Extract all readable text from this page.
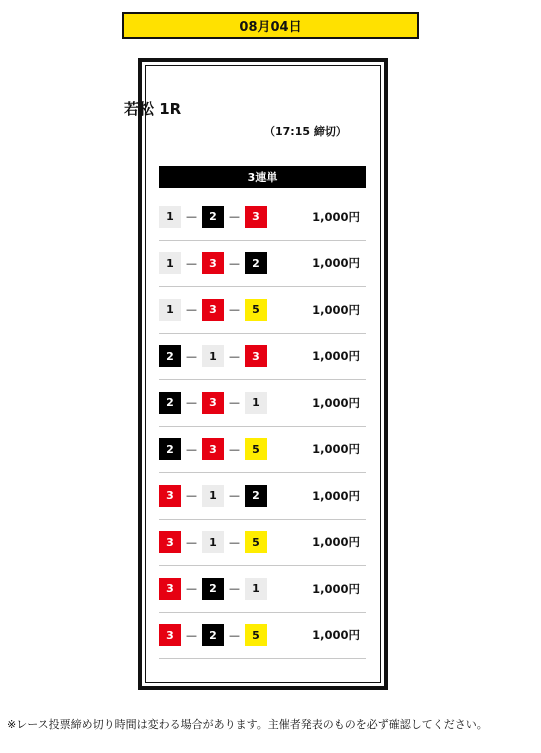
08月04日
若松 1R
（17:15 締切）
3連単
1	—	2	—	3	1,000円
1	—	3	—	2	1,000円
1	—	3	—	5	1,000円
2	—	1	—	3	1,000円
2	—	3	—	1	1,000円
2	—	3	—	5	1,000円
3	—	1	—	2	1,000円
3	—	1	—	5	1,000円
3	—	2	—	1	1,000円
3	—	2	—	5	1,000円
※レース投票締め切り時間は変わる場合があります。主催者発表のものを必ず確認してください。
